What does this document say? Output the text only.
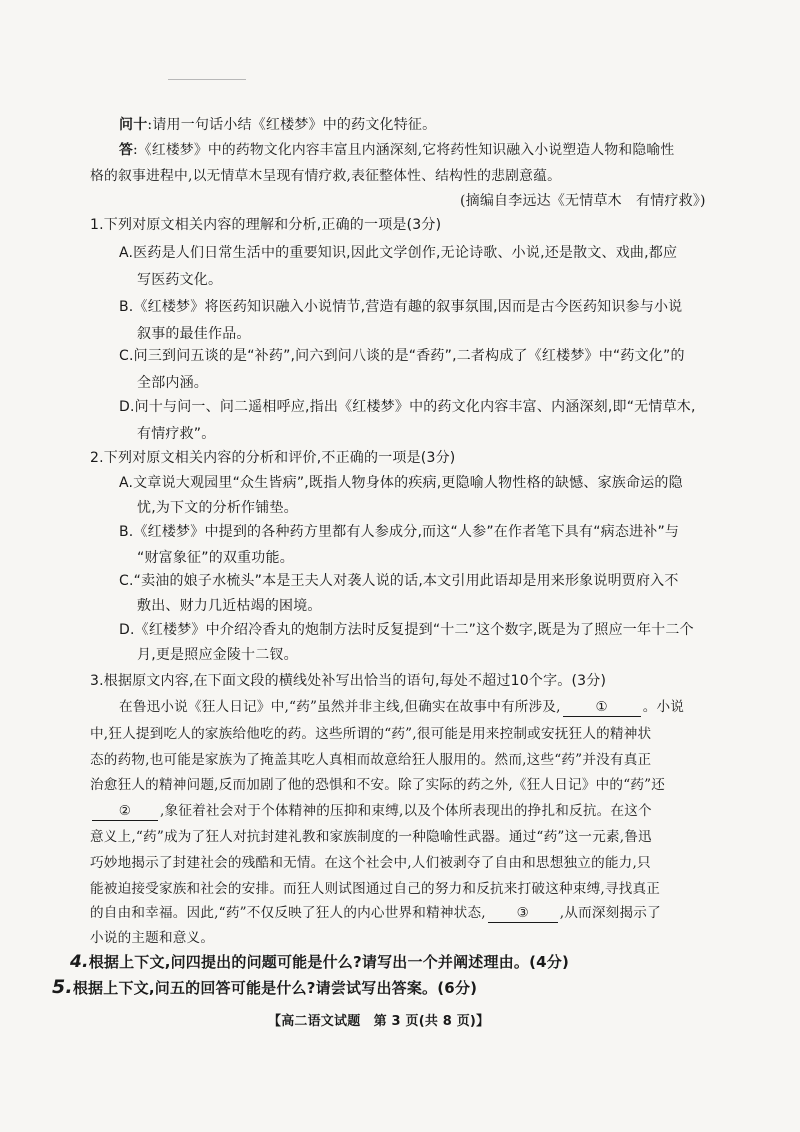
问十:请用一句话小结《红楼梦》中的药文化特征。

答:《红楼梦》中的药物文化内容丰富且内涵深刻,它将药性知识融入小说塑造人物和隐喻性

格的叙事进程中,以无情草木呈现有情疗救,表征整体性、结构性的悲剧意蕴。

(摘编自李远达《无情草木　有情疗救》)

1.下列对原文相关内容的理解和分析,正确的一项是(3分)

A.医药是人们日常生活中的重要知识,因此文学创作,无论诗歌、小说,还是散文、戏曲,都应

写医药文化。

B.《红楼梦》将医药知识融入小说情节,营造有趣的叙事氛围,因而是古今医药知识参与小说

叙事的最佳作品。

C.问三到问五谈的是“补药”,问六到问八谈的是“香药”,二者构成了《红楼梦》中“药文化”的

全部内涵。

D.问十与问一、问二遥相呼应,指出《红楼梦》中的药文化内容丰富、内涵深刻,即“无情草木,

有情疗救”。

2.下列对原文相关内容的分析和评价,不正确的一项是(3分)

A.文章说大观园里“众生皆病”,既指人物身体的疾病,更隐喻人物性格的缺憾、家族命运的隐

忧,为下文的分析作铺垫。

B.《红楼梦》中提到的各种药方里都有人参成分,而这“人参”在作者笔下具有“病态进补”与

“财富象征”的双重功能。

C.“卖油的娘子水梳头”本是王夫人对袭人说的话,本文引用此语却是用来形象说明贾府入不

敷出、财力几近枯竭的困境。

D.《红楼梦》中介绍冷香丸的炮制方法时反复提到“十二”这个数字,既是为了照应一年十二个

月,更是照应金陵十二钗。

3.根据原文内容,在下面文段的横线处补写出恰当的语句,每处不超过10个字。(3分)

在鲁迅小说《狂人日记》中,“药”虽然并非主线,但确实在故事中有所涉及,	①	。小说

中,狂人提到吃人的家族给他吃的药。这些所谓的“药”,很可能是用来控制或安抚狂人的精神状

态的药物,也可能是家族为了掩盖其吃人真相而故意给狂人服用的。然而,这些“药”并没有真正

治愈狂人的精神问题,反而加剧了他的恐惧和不安。除了实际的药之外,《狂人日记》中的“药”还

② ,象征着社会对于个体精神的压抑和束缚,以及个体所表现出的挣扎和反抗。在这个

意义上,“药”成为了狂人对抗封建礼教和家族制度的一种隐喻性武器。通过“药”这一元素,鲁迅

巧妙地揭示了封建社会的残酷和无情。在这个社会中,人们被剥夺了自由和思想独立的能力,只

能被迫接受家族和社会的安排。而狂人则试图通过自己的努力和反抗来打破这种束缚,寻找真正

的自由和幸福。因此,“药”不仅反映了狂人的内心世界和精神状态, ③ ,从而深刻揭示了

小说的主题和意义。

4.根据上下文,问四提出的问题可能是什么?请写出一个并阐述理由。(4分)

5.根据上下文,问五的回答可能是什么?请尝试写出答案。(6分)

【高二语文试题　第 3 页(共 8 页)】
